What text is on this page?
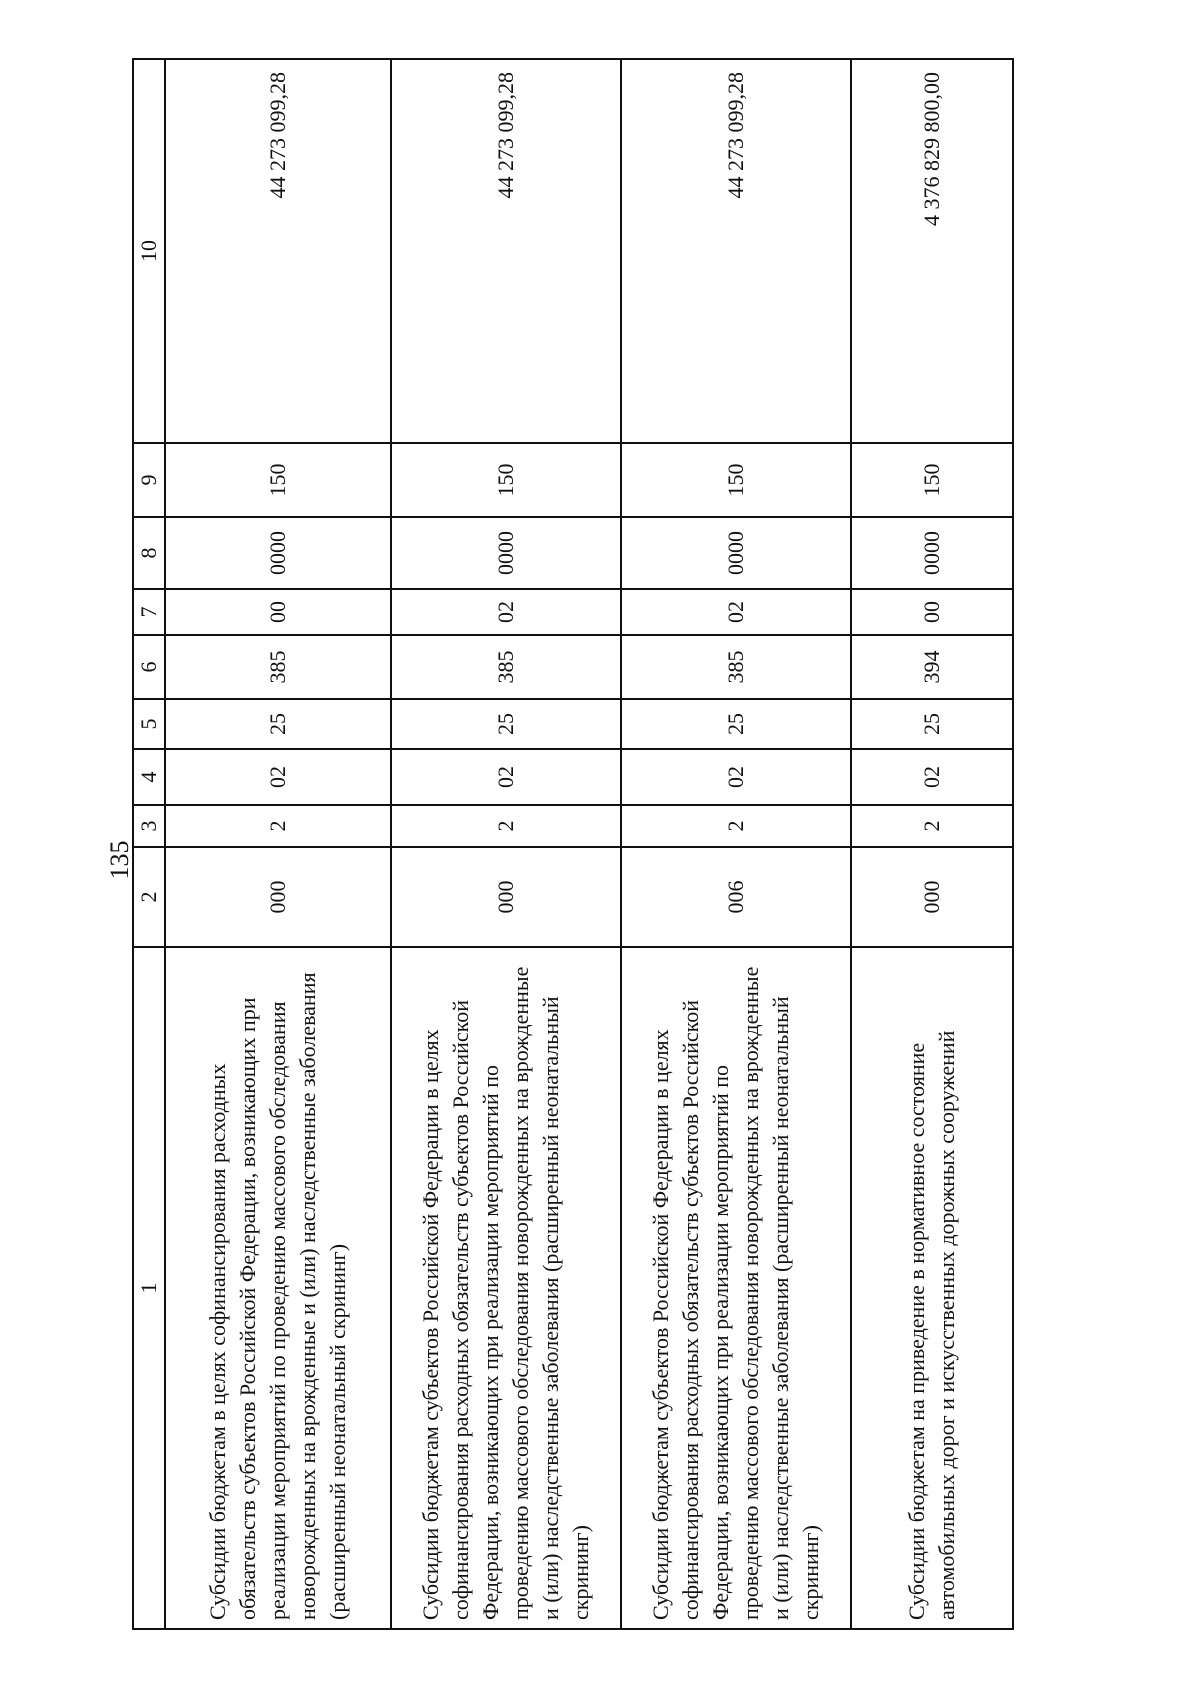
135
1	2	3	4	5	6	7	8	9	10
Субсидии бюджетам в целях софинансирования расходных обязательств субъектов Российской Федерации, возникающих при реализации мероприятий по проведению массового обследования новорожденных на врожденные и (или) наследственные заболевания (расширенный неонатальный скрининг)	000	2	02	25	385	00	0000	150	44 273 099,28
Субсидии бюджетам субъектов Российской Федерации в целях софинансирования расходных обязательств субъектов Российской Федерации, возникающих при реализации мероприятий по проведению массового обследования новорожденных на врожденные и (или) наследственные заболевания (расширенный неонатальный скрининг)	000	2	02	25	385	02	0000	150	44 273 099,28
Субсидии бюджетам субъектов Российской Федерации в целях софинансирования расходных обязательств субъектов Российской Федерации, возникающих при реализации мероприятий по проведению массового обследования новорожденных на врожденные и (или) наследственные заболевания (расширенный неонатальный скрининг)	006	2	02	25	385	02	0000	150	44 273 099,28
Субсидии бюджетам на приведение в нормативное состояние автомобильных дорог и искусственных дорожных сооружений	000	2	02	25	394	00	0000	150	4 376 829 800,00
